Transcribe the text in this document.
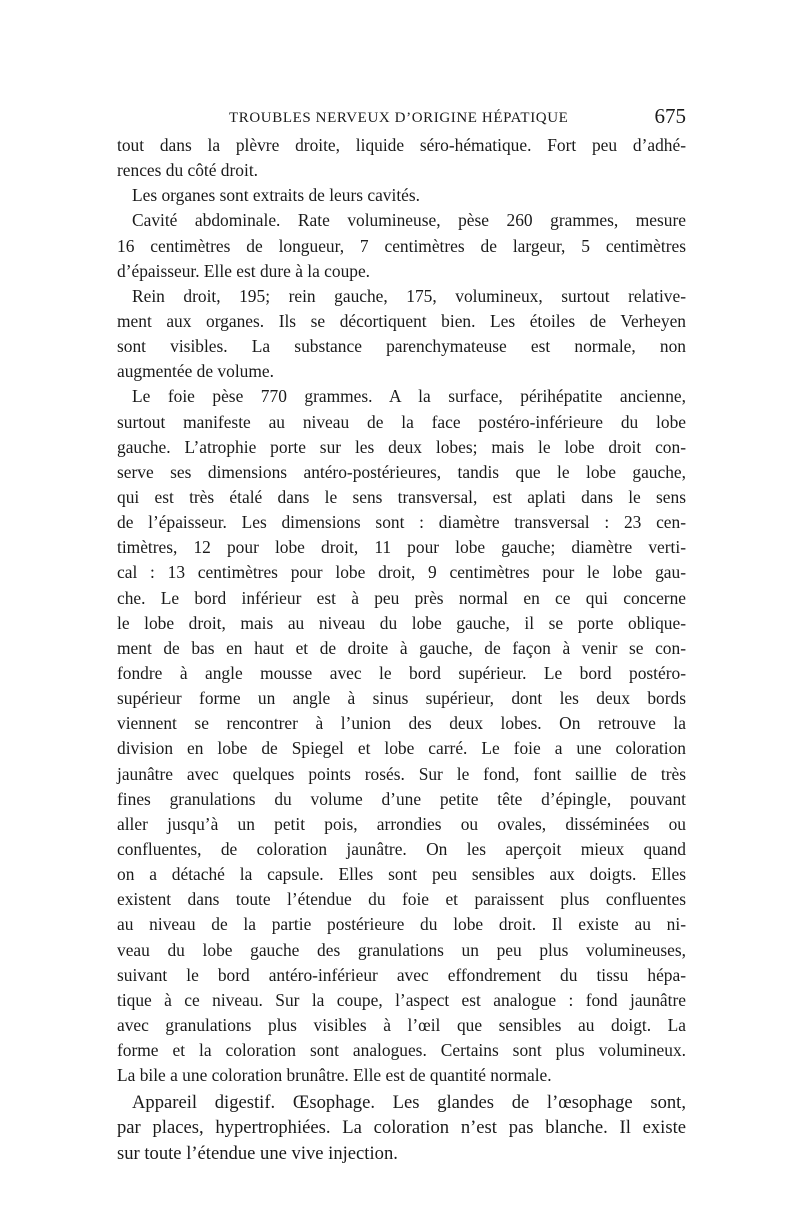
TROUBLES NERVEUX D’ORIGINE HÉPATIQUE	675
tout dans la plèvre droite, liquide séro-hématique. Fort peu d’adhé-
rences du côté droit.
Les organes sont extraits de leurs cavités.
Cavité abdominale. Rate volumineuse, pèse 260 grammes, mesure
16 centimètres de longueur, 7 centimètres de largeur, 5 centimètres
d’épaisseur. Elle est dure à la coupe.
Rein droit, 195; rein gauche, 175, volumineux, surtout relative-
ment aux organes. Ils se décortiquent bien. Les étoiles de Verheyen
sont visibles. La substance parenchymateuse est normale, non
augmentée de volume.
Le foie pèse 770 grammes. A la surface, périhépatite ancienne,
surtout manifeste au niveau de la face postéro-inférieure du lobe
gauche. L’atrophie porte sur les deux lobes; mais le lobe droit con-
serve ses dimensions antéro-postérieures, tandis que le lobe gauche,
qui est très étalé dans le sens transversal, est aplati dans le sens
de l’épaisseur. Les dimensions sont : diamètre transversal : 23 cen-
timètres, 12 pour lobe droit, 11 pour lobe gauche; diamètre verti-
cal : 13 centimètres pour lobe droit, 9 centimètres pour le lobe gau-
che. Le bord inférieur est à peu près normal en ce qui concerne
le lobe droit, mais au niveau du lobe gauche, il se porte oblique-
ment de bas en haut et de droite à gauche, de façon à venir se con-
fondre à angle mousse avec le bord supérieur. Le bord postéro-
supérieur forme un angle à sinus supérieur, dont les deux bords
viennent se rencontrer à l’union des deux lobes. On retrouve la
division en lobe de Spiegel et lobe carré. Le foie a une coloration
jaunâtre avec quelques points rosés. Sur le fond, font saillie de très
fines granulations du volume d’une petite tête d’épingle, pouvant
aller jusqu’à un petit pois, arrondies ou ovales, disséminées ou
confluentes, de coloration jaunâtre. On les aperçoit mieux quand
on a détaché la capsule. Elles sont peu sensibles aux doigts. Elles
existent dans toute l’étendue du foie et paraissent plus confluentes
au niveau de la partie postérieure du lobe droit. Il existe au ni-
veau du lobe gauche des granulations un peu plus volumineuses,
suivant le bord antéro-inférieur avec effondrement du tissu hépa-
tique à ce niveau. Sur la coupe, l’aspect est analogue : fond jaunâtre
avec granulations plus visibles à l’œil que sensibles au doigt. La
forme et la coloration sont analogues. Certains sont plus volumineux.
La bile a une coloration brunâtre. Elle est de quantité normale.
Appareil digestif. Œsophage. Les glandes de l’œsophage sont,
par places, hypertrophiées. La coloration n’est pas blanche. Il existe
sur toute l’étendue une vive injection.
